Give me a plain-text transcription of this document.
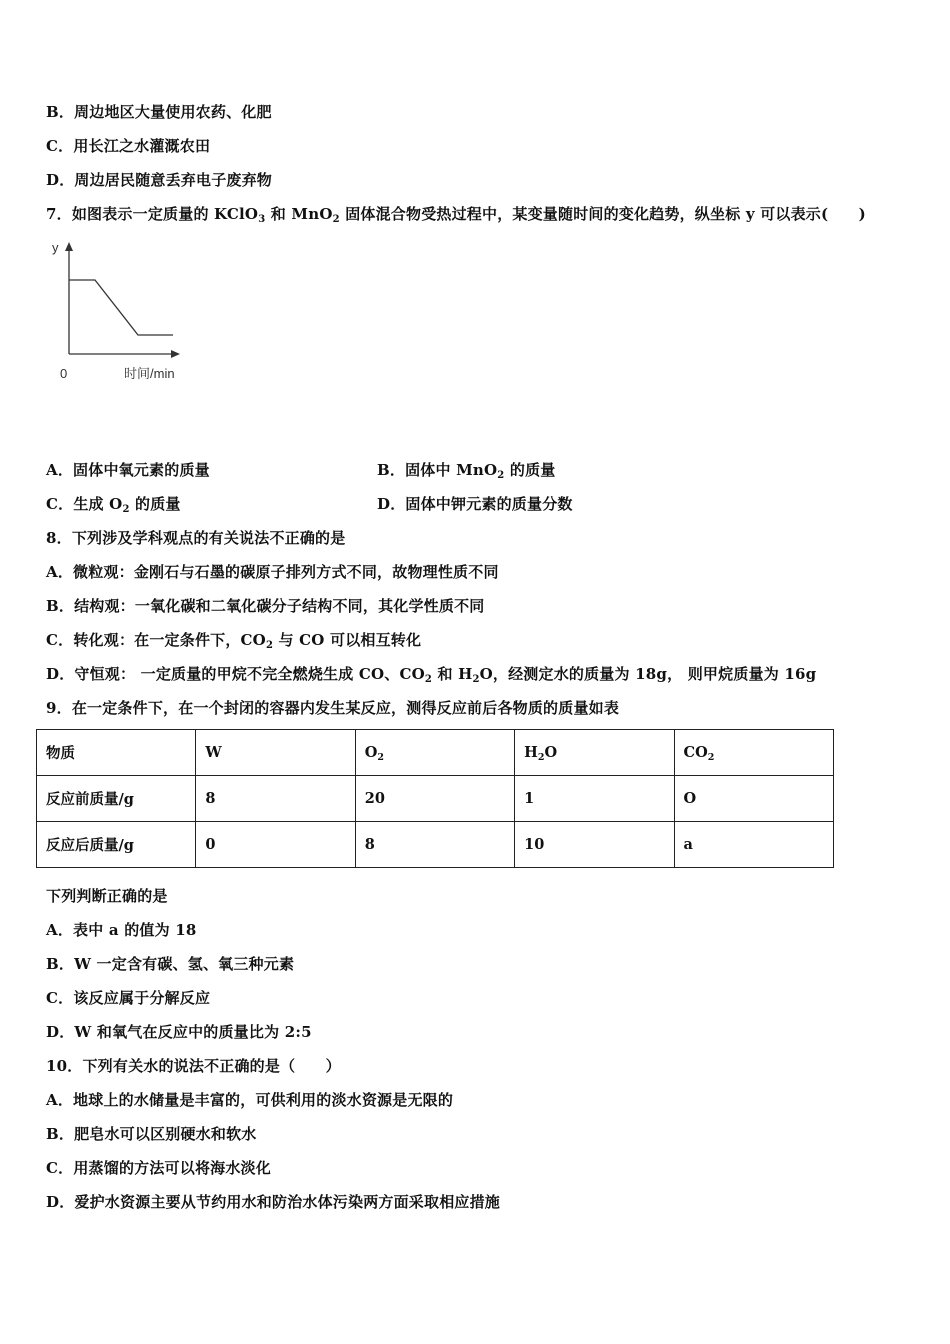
B．周边地区大量使用农药、化肥
C．用长江之水灌溉农田
D．周边居民随意丢弃电子废弃物
7．如图表示一定质量的 KClO$_3$ 和 MnO$_2$ 固体混合物受热过程中，某变量随时间的变化趋势，纵坐标 y 可以表示(　　)
y
0	时间/min
A．固体中氧元素的质量	B．固体中 MnO$_2$ 的质量
C．生成 $O_2$ 的质量	D．固体中钾元素的质量分数
8．下列涉及学科观点的有关说法不正确的是
A．微粒观：金刚石与石墨的碳原子排列方式不同，故物理性质不同
B．结构观：一氧化碳和二氧化碳分子结构不同，其化学性质不同
C．转化观：在一定条件下，$CO_2$ 与 CO 可以相互转化
D．守恒观： 一定质量的甲烷不完全燃烧生成 CO、$CO_2$ 和 $H_2O$，经测定水的质量为 18g， 则甲烷质量为 16g
9．在一定条件下，在一个封闭的容器内发生某反应，测得反应前后各物质的质量如表
物质	W	$O_2$	$H_2O$	$CO_2$
反应前质量/g	8	20	1	O
反应后质量/g	0	8	10	a
下列判断正确的是
A．表中 a 的值为 18
B．W 一定含有碳、氢、氧三种元素
C．该反应属于分解反应
D．W 和氧气在反应中的质量比为 2:5
10．下列有关水的说法不正确的是（　　）
A．地球上的水储量是丰富的，可供利用的淡水资源是无限的
B．肥皂水可以区别硬水和软水
C．用蒸馏的方法可以将海水淡化
D．爱护水资源主要从节约用水和防治水体污染两方面采取相应措施
